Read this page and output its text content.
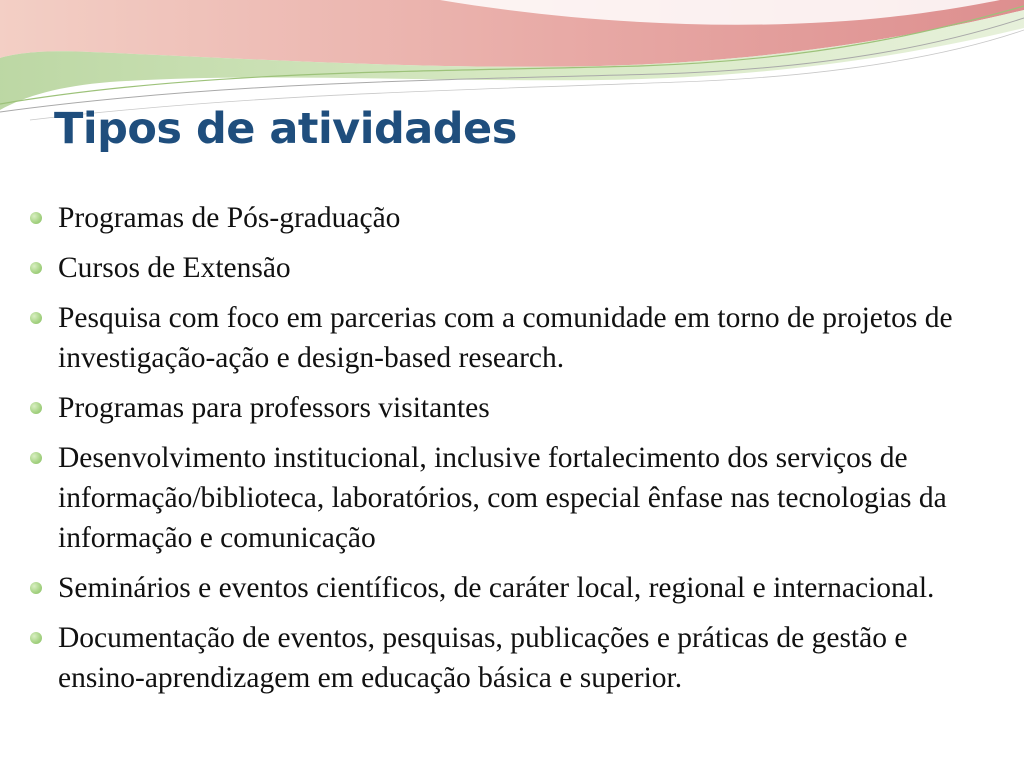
Tipos de atividades
Programas de Pós-graduação
Cursos de Extensão
Pesquisa com foco em parcerias com a comunidade em torno de projetos de investigação-ação e design-based research.
Programas para professors visitantes
Desenvolvimento institucional, inclusive fortalecimento dos serviços de informação/biblioteca, laboratórios, com especial ênfase nas tecnologias da informação e comunicação
Seminários e eventos científicos, de caráter local, regional e internacional.
Documentação de eventos, pesquisas, publicações e práticas de gestão e ensino-aprendizagem em educação básica e superior.
